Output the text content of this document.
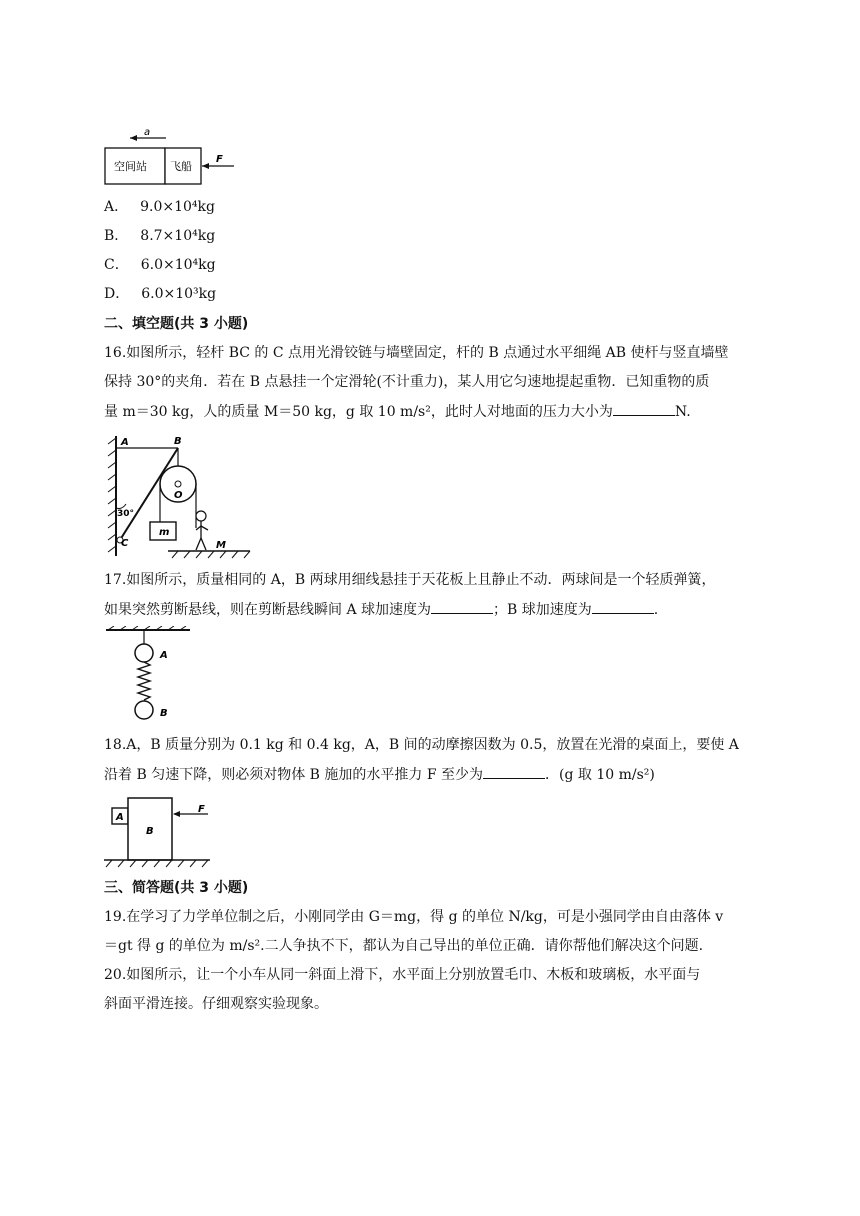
a
空间站 飞船
F
A． 9.0×10⁴kg
B． 8.7×10⁴kg
C． 6.0×10⁴kg
D． 6.0×10³kg
二、填空题(共 3 小题)
16.如图所示，轻杆 BC 的 C 点用光滑铰链与墙壁固定，杆的 B 点通过水平细绳 AB 使杆与竖直墙壁
保持 30°的夹角．若在 B 点悬挂一个定滑轮(不计重力)，某人用它匀速地提起重物．已知重物的质
量 m＝30 kg，人的质量 M＝50 kg，g 取 10 m/s²，此时人对地面的压力大小为	N.
A	B
O
30°
m
C	M
17.如图所示，质量相同的 A，B 两球用细线悬挂于天花板上且静止不动．两球间是一个轻质弹簧，
如果突然剪断悬线，则在剪断悬线瞬间 A 球加速度为	；B 球加速度为	.
A
B
18.A，B 质量分别为 0.1 kg 和 0.4 kg，A，B 间的动摩擦因数为 0.5，放置在光滑的桌面上，要使 A
沿着 B 匀速下降，则必须对物体 B 施加的水平推力 F 至少为	．(g 取 10 m/s²)
A
B
F
三、简答题(共 3 小题)
19.在学习了力学单位制之后，小刚同学由 G＝mg，得 g 的单位 N/kg，可是小强同学由自由落体 v
＝gt 得 g 的单位为 m/s².二人争执不下，都认为自己导出的单位正确．请你帮他们解决这个问题.
20.如图所示，让一个小车从同一斜面上滑下，水平面上分别放置毛巾、木板和玻璃板，水平面与
斜面平滑连接。仔细观察实验现象。
